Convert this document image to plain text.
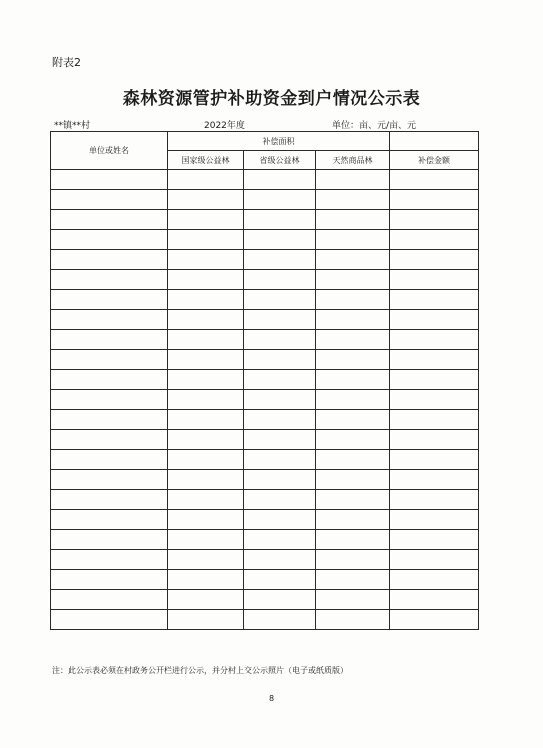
附表2
森林资源管护补助资金到户情况公示表
**镇**村	2022年度	单位：亩、元/亩、元
单位或姓名	补偿面积			
	国家级公益林	省级公益林	天然商品林	补偿金额

注：此公示表必须在村政务公开栏进行公示，并分村上交公示照片（电子或纸质版）
8
